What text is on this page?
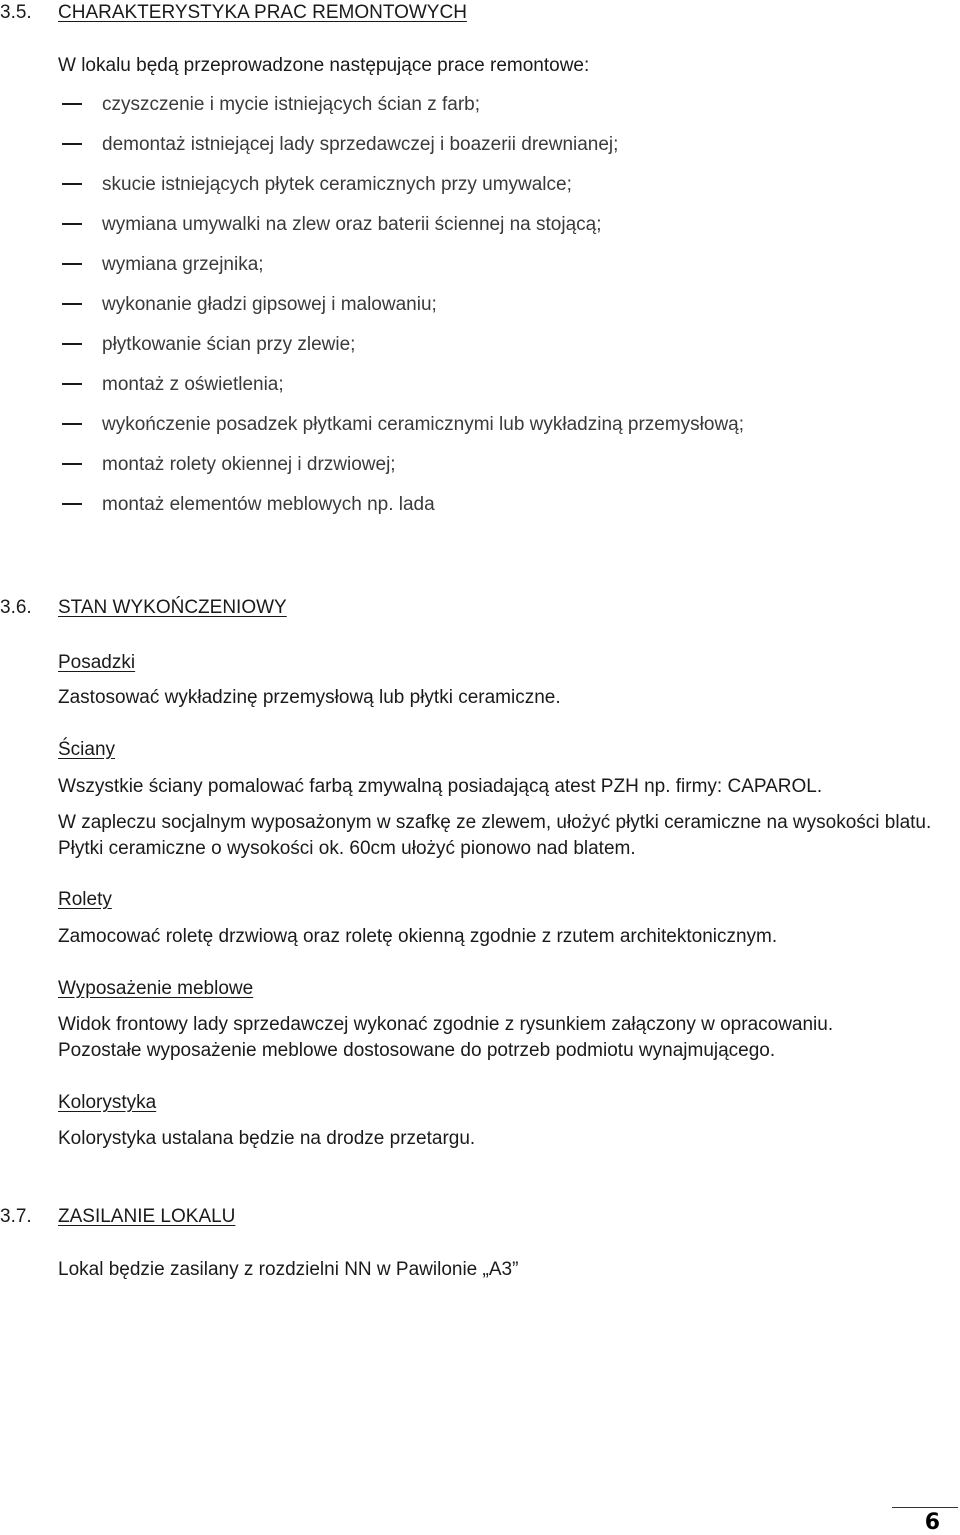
3.5. CHARAKTERYSTYKA PRAC REMONTOWYCH
W lokalu będą przeprowadzone następujące prace remontowe:
czyszczenie i mycie istniejących ścian z farb;
demontaż istniejącej lady sprzedawczej i boazerii drewnianej;
skucie istniejących płytek ceramicznych przy umywalce;
wymiana umywalki na zlew oraz baterii ściennej na stojącą;
wymiana grzejnika;
wykonanie gładzi gipsowej i malowaniu;
płytkowanie ścian przy zlewie;
montaż z oświetlenia;
wykończenie posadzek płytkami ceramicznymi lub wykładziną przemysłową;
montaż rolety okiennej i drzwiowej;
montaż elementów meblowych np. lada
3.6. STAN WYKOŃCZENIOWY
Posadzki
Zastosować wykładzinę przemysłową lub płytki ceramiczne.
Ściany
Wszystkie ściany pomalować farbą zmywalną posiadającą atest PZH np. firmy: CAPAROL.
W zapleczu socjalnym wyposażonym w szafkę ze zlewem, ułożyć płytki ceramiczne na wysokości blatu.
Płytki ceramiczne o wysokości ok. 60cm ułożyć pionowo nad blatem.
Rolety
Zamocować roletę drzwiową oraz roletę okienną zgodnie z rzutem architektonicznym.
Wyposażenie meblowe
Widok frontowy lady sprzedawczej wykonać zgodnie z rysunkiem załączony w opracowaniu.
Pozostałe wyposażenie meblowe dostosowane do potrzeb podmiotu wynajmującego.
Kolorystyka
Kolorystyka ustalana będzie na drodze przetargu.
3.7. ZASILANIE LOKALU
Lokal będzie zasilany z rozdzielni NN w Pawilonie „A3”
6
